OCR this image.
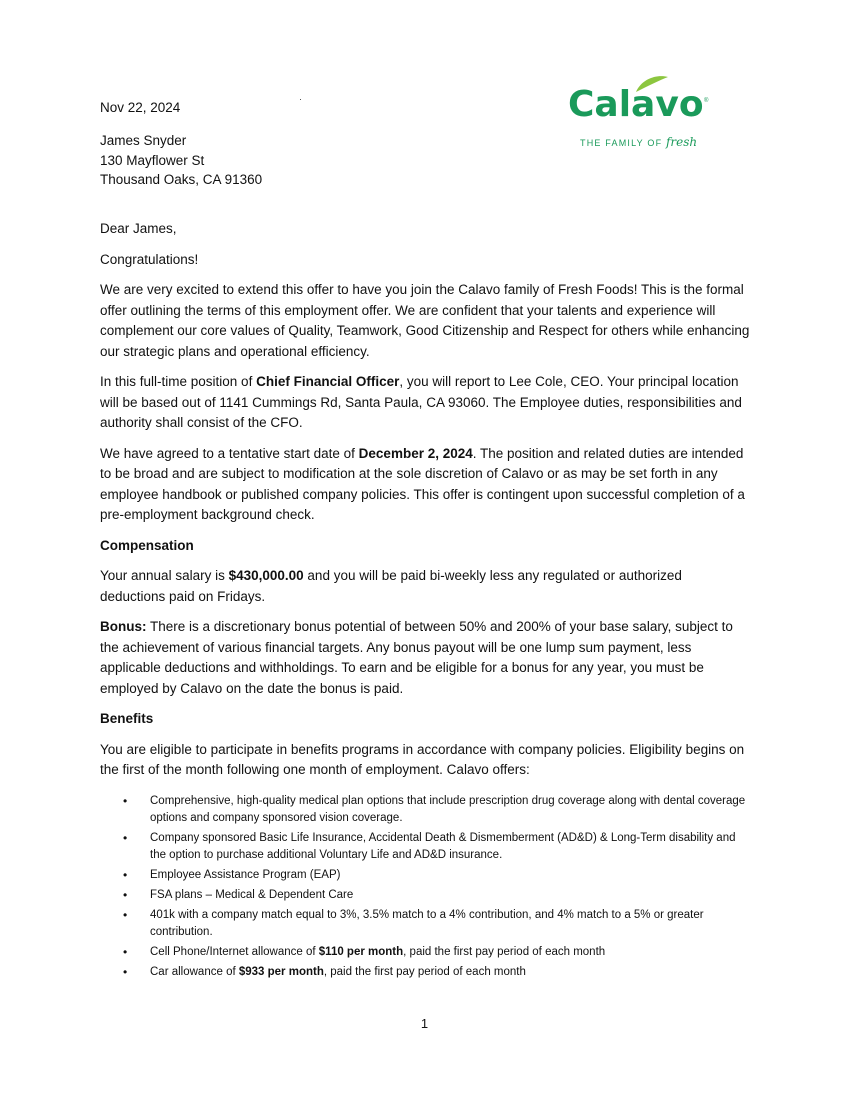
Nov 22, 2024
James Snyder
130 Mayflower St
Thousand Oaks, CA 91360
Calavo ®
THE FAMILY OF fresh

Dear James,

Congratulations!

We are very excited to extend this offer to have you join the Calavo family of Fresh Foods! This is the formal offer outlining the terms of this employment offer. We are confident that your talents and experience will complement our core values of Quality, Teamwork, Good Citizenship and Respect for others while enhancing our strategic plans and operational efficiency.

In this full-time position of Chief Financial Officer, you will report to Lee Cole, CEO. Your principal location will be based out of 1141 Cummings Rd, Santa Paula, CA 93060. The Employee duties, responsibilities and authority shall consist of the CFO.

We have agreed to a tentative start date of December 2, 2024. The position and related duties are intended to be broad and are subject to modification at the sole discretion of Calavo or as may be set forth in any employee handbook or published company policies. This offer is contingent upon successful completion of a pre-employment background check.

Compensation

Your annual salary is $430,000.00 and you will be paid bi-weekly less any regulated or authorized deductions paid on Fridays.

Bonus: There is a discretionary bonus potential of between 50% and 200% of your base salary, subject to the achievement of various financial targets. Any bonus payout will be one lump sum payment, less applicable deductions and withholdings. To earn and be eligible for a bonus for any year, you must be employed by Calavo on the date the bonus is paid.

Benefits

You are eligible to participate in benefits programs in accordance with company policies. Eligibility begins on the first of the month following one month of employment. Calavo offers:

• Comprehensive, high-quality medical plan options that include prescription drug coverage along with dental coverage options and company sponsored vision coverage.
• Company sponsored Basic Life Insurance, Accidental Death & Dismemberment (AD&D) & Long-Term disability and the option to purchase additional Voluntary Life and AD&D insurance.
• Employee Assistance Program (EAP)
• FSA plans – Medical & Dependent Care
• 401k with a company match equal to 3%, 3.5% match to a 4% contribution, and 4% match to a 5% or greater contribution.
• Cell Phone/Internet allowance of $110 per month, paid the first pay period of each month
• Car allowance of $933 per month, paid the first pay period of each month
1
